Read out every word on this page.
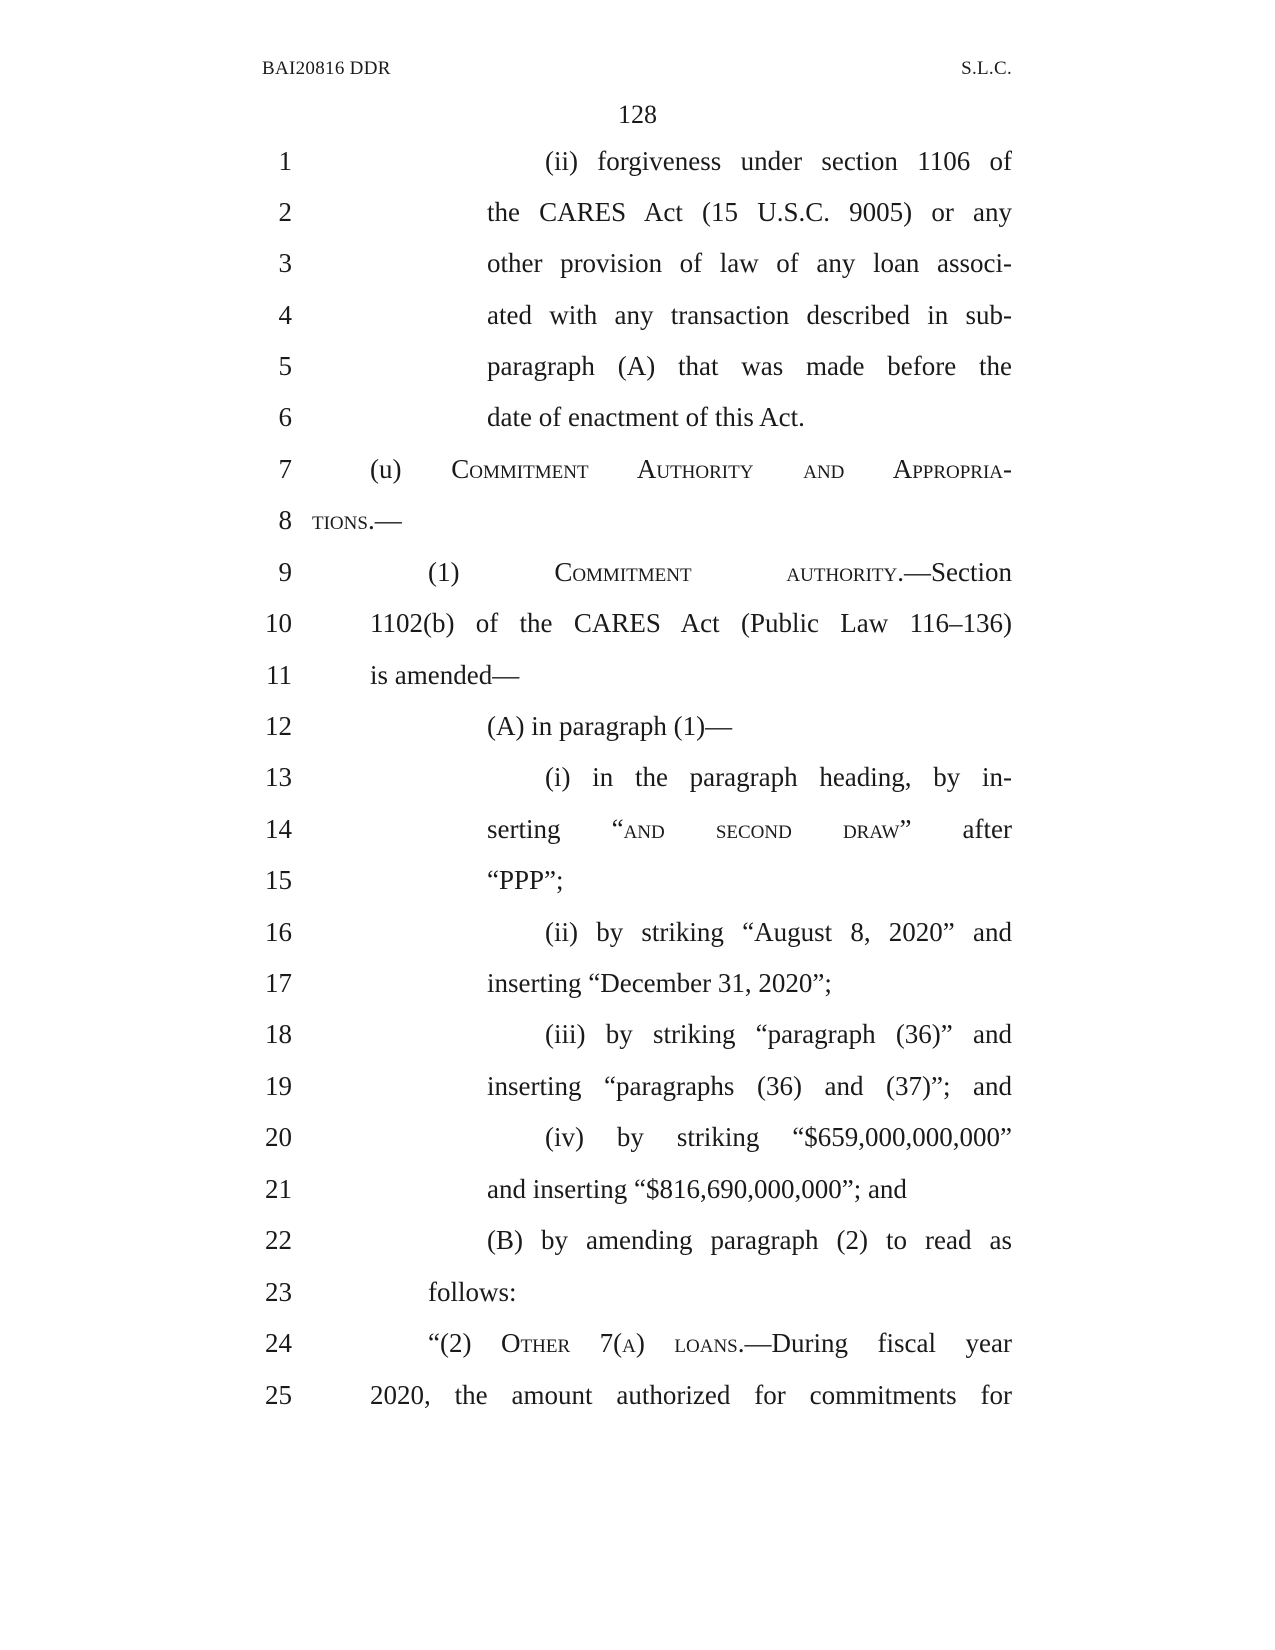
BAI20816 DDR	S.L.C.
128
1	(ii) forgiveness under section 1106 of
2	the CARES Act (15 U.S.C. 9005) or any
3	other provision of law of any loan associ-
4	ated with any transaction described in sub-
5	paragraph (A) that was made before the
6	date of enactment of this Act.
7	(u) Commitment Authority and Appropria-
8 tions.—
9	(1) Commitment authority.—Section
10	1102(b) of the CARES Act (Public Law 116–136)
11	is amended—
12	(A) in paragraph (1)—
13	(i) in the paragraph heading, by in-
14	serting “and second draw” after
15	“PPP”;
16	(ii) by striking “August 8, 2020” and
17	inserting “December 31, 2020”;
18	(iii) by striking “paragraph (36)” and
19	inserting “paragraphs (36) and (37)”; and
20	(iv) by striking “$659,000,000,000”
21	and inserting “$816,690,000,000”; and
22	(B) by amending paragraph (2) to read as
23	follows:
24	“(2) Other 7(a) loans.—During fiscal year
25	2020, the amount authorized for commitments for
